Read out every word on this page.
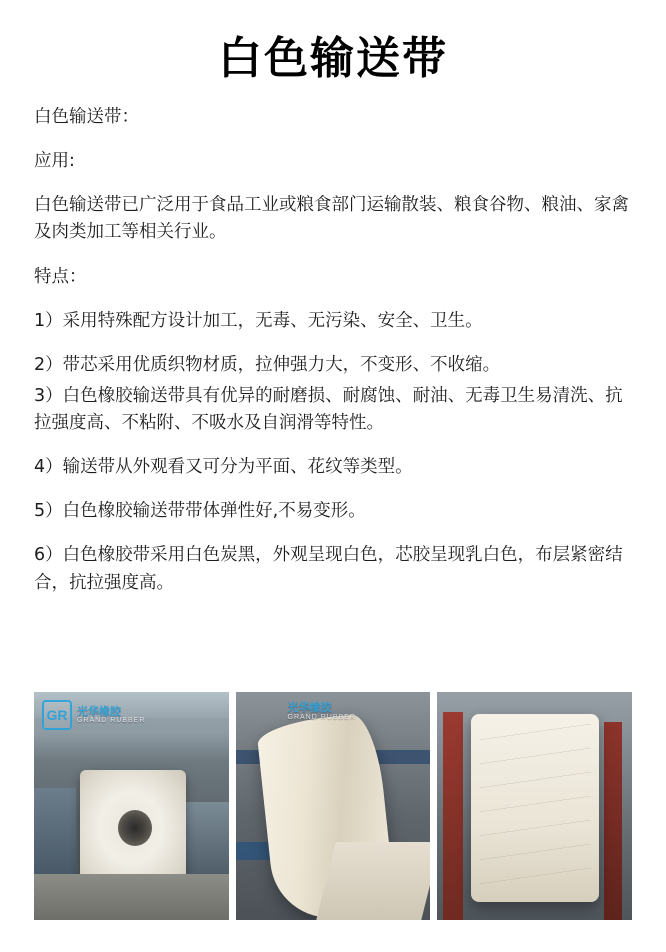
白色输送带

白色输送带：

应用:

白色输送带已广泛用于食品工业或粮食部门运输散装、粮食谷物、粮油、家禽及肉类加工等相关行业。

特点：

1）采用特殊配方设计加工，无毒、无污染、安全、卫生。

2）带芯采用优质织物材质，拉伸强力大，不变形、不收缩。

3）白色橡胶输送带具有优异的耐磨损、耐腐蚀、耐油、无毒卫生易清洗、抗拉强度高、不粘附、不吸水及自润滑等特性。

4）输送带从外观看又可分为平面、花纹等类型。

5）白色橡胶输送带带体弹性好,不易变形。

6）白色橡胶带采用白色炭黑，外观呈现白色，芯胶呈现乳白色，布层紧密结合，抗拉强度高。

GR 光华橡胶
GRAND RUBBER
光华橡胶
GRAND RUBBER
